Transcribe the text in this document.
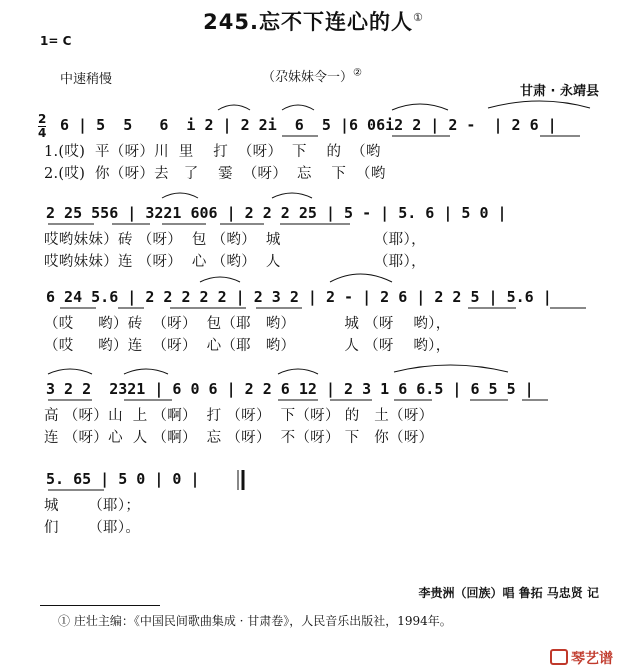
245.忘不下连心的人①
1= C
中速稍慢	（尕妹妹令一）②
甘肃 · 永靖县
2
4 6 | 5  5   6  i 2 | 2 2i  6  5 |6 06i2 2 | 2 -  | 2 6 |
1.(哎)  平（呀）川  里    打  （呀）  下    的  （哟
2.(哎)  你（呀）去   了    霎  （呀）  忘    下  （哟
2 25 556 | 3221 606 | 2 2 2 25 | 5 - | 5. 6 | 5 0 |
哎哟妹妹）砖 （呀）  包 （哟）  城                   （耶），
哎哟妹妹）连 （呀）  心 （哟）  人                   （耶），
6 24 5.6 | 2 2 2 2 2 | 2 3 2 | 2 - | 2 6 | 2 2 5 | 5.6 |
（哎     哟）砖  （呀）  包（耶   哟）          城 （呀    哟），
（哎     哟）连  （呀）  心（耶   哟）          人 （呀    哟），
3 2 2  2321 | 6 0 6 | 2 2 6 12 | 2 3 1 6 6.5 | 6 5 5 |
高 （呀）山  上 （啊）  打 （呀）  下（呀） 的   土（呀）
连 （呀）心  人 （啊）  忘 （呀）  不（呀） 下   你（呀）
5. 65 | 5 0 | 0 |
城      （耶）；
们      （耶）。
李贵洲（回族）唱 鲁拓 马忠贤 记
① 庄壮主编：《中国民间歌曲集成 · 甘肃卷》，人民音乐出版社，1994年。
琴艺谱
